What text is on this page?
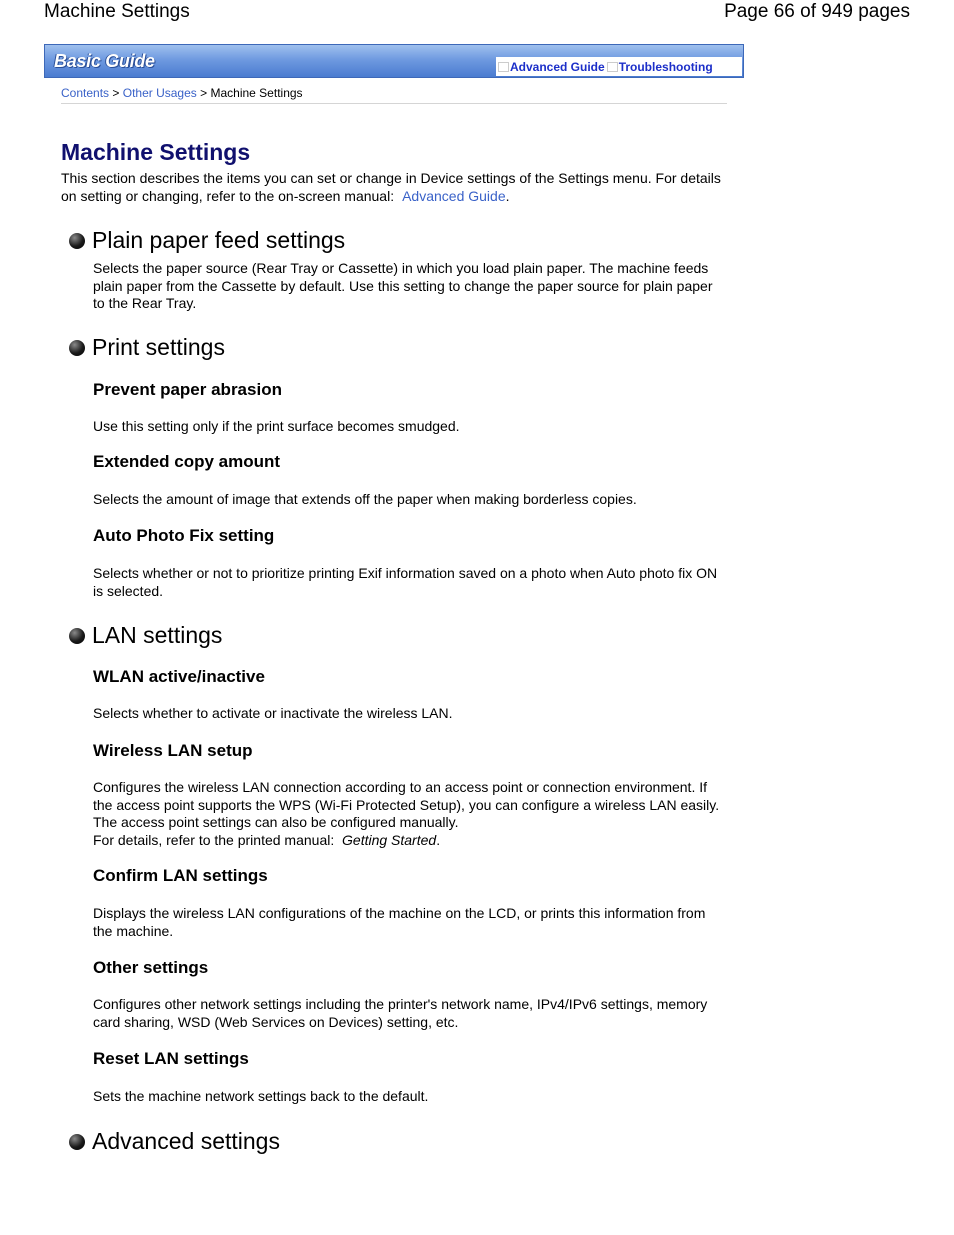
Machine Settings	Page 66 of 949 pages
Basic Guide	Advanced Guide Troubleshooting
Contents > Other Usages > Machine Settings
Machine Settings

This section describes the items you can set or change in Device settings of the Settings menu. For details on setting or changing, refer to the on-screen manual: Advanced Guide.

Plain paper feed settings

Selects the paper source (Rear Tray or Cassette) in which you load plain paper. The machine feeds plain paper from the Cassette by default. Use this setting to change the paper source for plain paper to the Rear Tray.

Print settings
Prevent paper abrasion

Use this setting only if the print surface becomes smudged.

Extended copy amount

Selects the amount of image that extends off the paper when making borderless copies.

Auto Photo Fix setting

Selects whether or not to prioritize printing Exif information saved on a photo when Auto photo fix ON is selected.

LAN settings
WLAN active/inactive

Selects whether to activate or inactivate the wireless LAN.

Wireless LAN setup

Configures the wireless LAN connection according to an access point or connection environment. If the access point supports the WPS (Wi-Fi Protected Setup), you can configure a wireless LAN easily. The access point settings can also be configured manually.
For details, refer to the printed manual: Getting Started.

Confirm LAN settings

Displays the wireless LAN configurations of the machine on the LCD, or prints this information from the machine.

Other settings

Configures other network settings including the printer's network name, IPv4/IPv6 settings, memory card sharing, WSD (Web Services on Devices) setting, etc.

Reset LAN settings

Sets the machine network settings back to the default.

Advanced settings
